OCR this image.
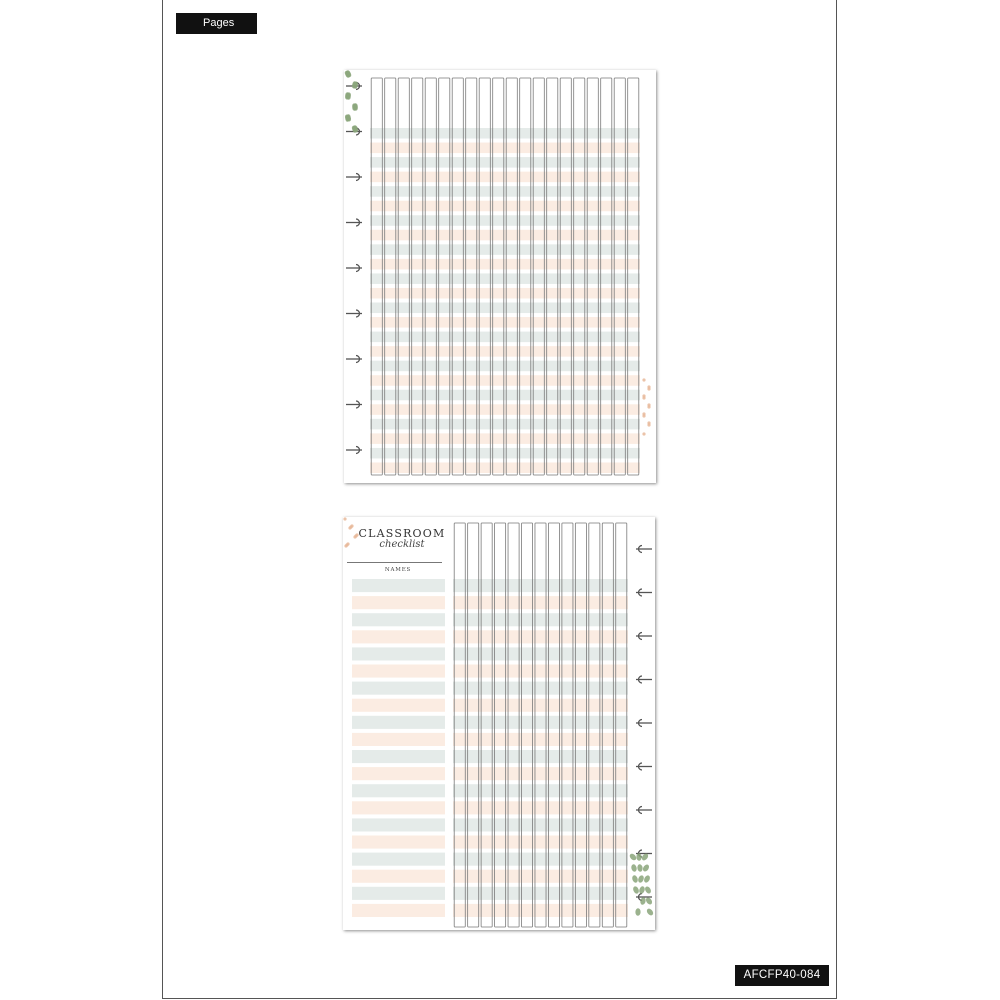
Pages
CLASSROOM
checklist
NAMES
AFCFP40-084
